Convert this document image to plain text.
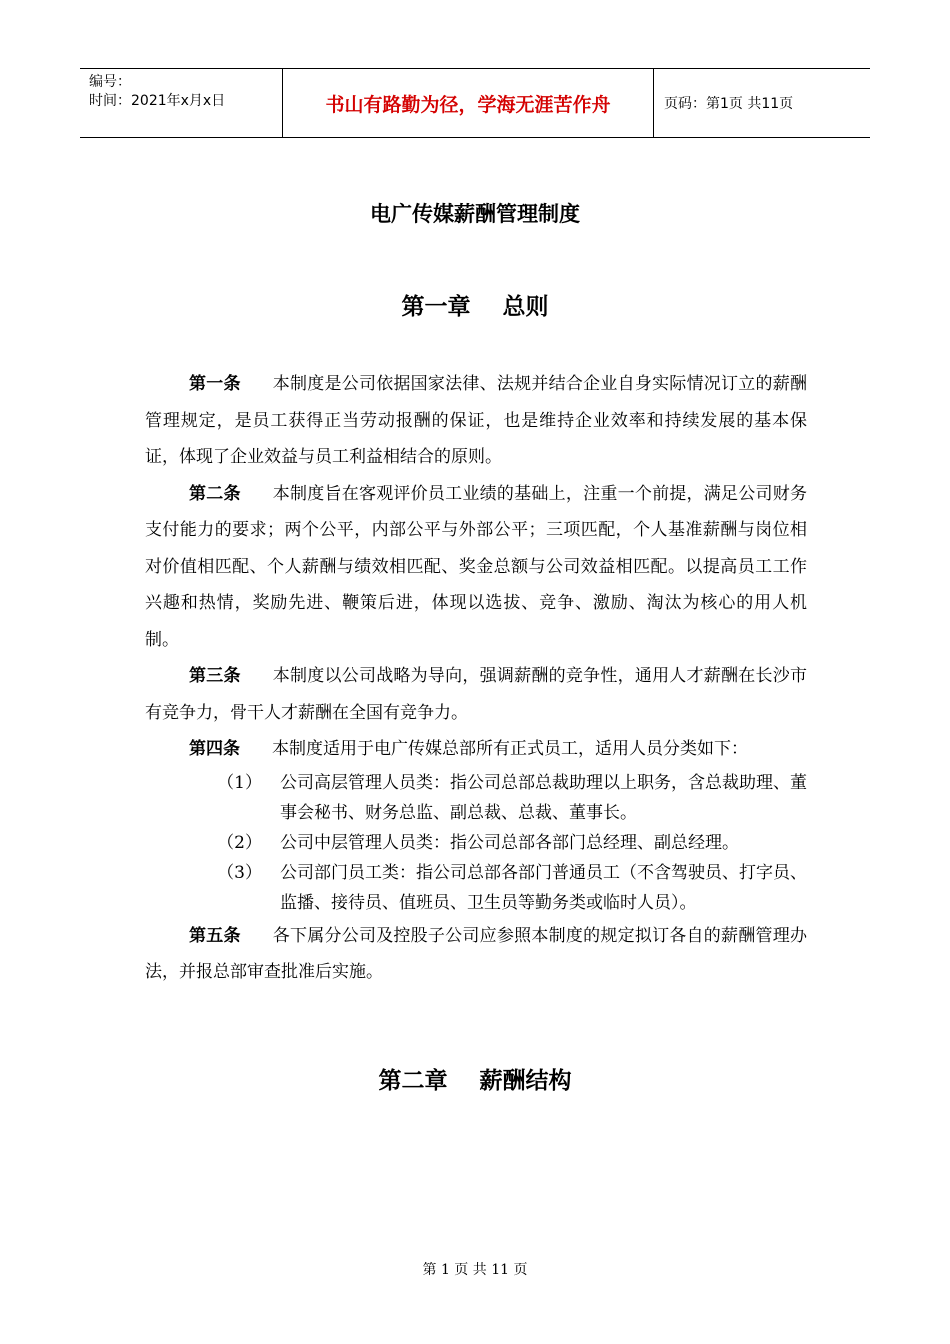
编号：
时间：2021年x月x日	书山有路勤为径，学海无涯苦作舟	页码：第1页 共11页
电广传媒薪酬管理制度
第一章    总则

第一条 本制度是公司依据国家法律、法规并结合企业自身实际情况订立的薪酬管理规定，是员工获得正当劳动报酬的保证，也是维持企业效率和持续发展的基本保证，体现了企业效益与员工利益相结合的原则。

第二条 本制度旨在客观评价员工业绩的基础上，注重一个前提，满足公司财务支付能力的要求；两个公平，内部公平与外部公平；三项匹配，个人基准薪酬与岗位相对价值相匹配、个人薪酬与绩效相匹配、奖金总额与公司效益相匹配。以提高员工工作兴趣和热情，奖励先进、鞭策后进，体现以选拔、竞争、激励、淘汰为核心的用人机制。

第三条 本制度以公司战略为导向，强调薪酬的竞争性，通用人才薪酬在长沙市有竞争力，骨干人才薪酬在全国有竞争力。

第四条 本制度适用于电广传媒总部所有正式员工，适用人员分类如下：

（1）	公司高层管理人员类：指公司总部总裁助理以上职务，含总裁助理、董事会秘书、财务总监、副总裁、总裁、董事长。
（2）	公司中层管理人员类：指公司总部各部门总经理、副总经理。
（3）	公司部门员工类：指公司总部各部门普通员工（不含驾驶员、打字员、监播、接待员、值班员、卫生员等勤务类或临时人员）。

第五条 各下属分公司及控股子公司应参照本制度的规定拟订各自的薪酬管理办法，并报总部审查批准后实施。

第二章    薪酬结构
第 1 页 共 11 页
